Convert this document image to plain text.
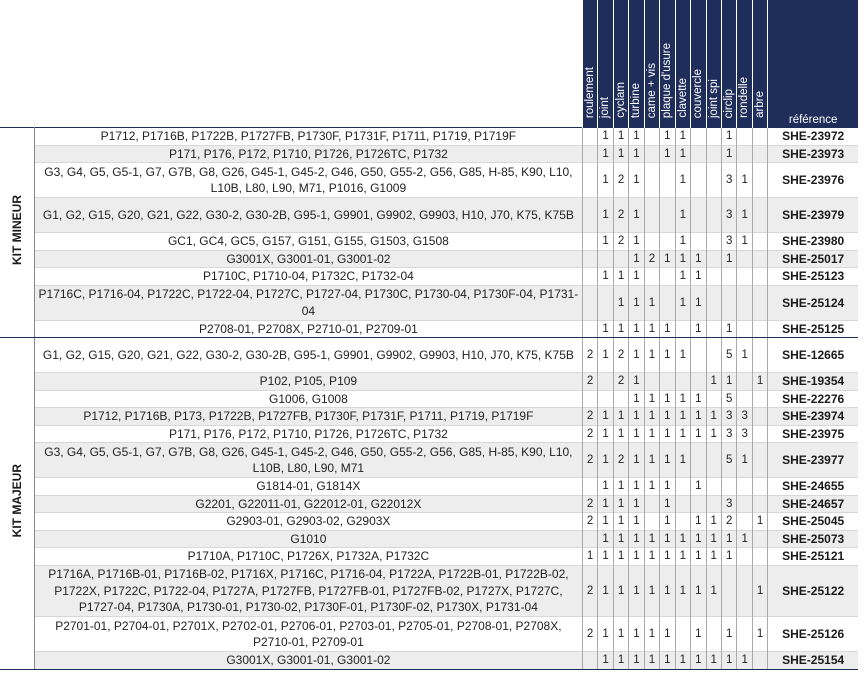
		roulement	joint	cyclam	turbine	came + vis	plaque d'usure	clavette	couvercle	joint spi	circlip	rondelle	arbre	référence
KIT MINEUR	P1712, P1716B, P1722B, P1727FB, P1730F, P1731F, P1711, P1719, P1719F		1	1	1		1	1			1			SHE-23972
	P171, P176, P172, P1710, P1726, P1726TC, P1732		1	1	1		1	1			1			SHE-23973
	G3, G4, G5, G5-1, G7, G7B, G8, G26, G45-1, G45-2, G46, G50, G55-2, G56, G85, H-85, K90, L10, L10B, L80, L90, M71, P1016, G1009		1	2	1			1			3	1		SHE-23976
	G1, G2, G15, G20, G21, G22, G30-2, G30-2B, G95-1, G9901, G9902, G9903, H10, J70, K75, K75B		1	2	1			1			3	1		SHE-23979
	GC1, GC4, GC5, G157, G151, G155, G1503, G1508		1	2	1			1			3	1		SHE-23980
	G3001X, G3001-01, G3001-02				1	2	1	1	1		1			SHE-25017
	P1710C, P1710-04, P1732C, P1732-04		1	1	1			1	1					SHE-25123
	P1716C, P1716-04, P1722C, P1722-04, P1727C, P1727-04, P1730C, P1730-04, P1730F-04, P1731-04			1	1	1		1	1					SHE-25124
	P2708-01, P2708X, P2710-01, P2709-01		1	1	1	1	1		1		1			SHE-25125
KIT MAJEUR	G1, G2, G15, G20, G21, G22, G30-2, G30-2B, G95-1, G9901, G9902, G9903, H10, J70, K75, K75B	2	1	2	1	1	1	1			5	1		SHE-12665
	P102, P105, P109	2		2	1					1	1		1	SHE-19354
	G1006, G1008				1	1	1	1	1		5			SHE-22276
	P1712, P1716B, P173, P1722B, P1727FB, P1730F, P1731F, P1711, P1719, P1719F	2	1	1	1	1	1	1	1	1	3	3		SHE-23974
	P171, P176, P172, P1710, P1726, P1726TC, P1732	2	1	1	1	1	1	1	1	1	3	3		SHE-23975
	G3, G4, G5, G5-1, G7, G7B, G8, G26, G45-1, G45-2, G46, G50, G55-2, G56, G85, H-85, K90, L10, L10B, L80, L90, M71	2	1	2	1	1	1	1			5	1		SHE-23977
	G1814-01, G1814X		1	1	1	1	1		1					SHE-24655
	G2201, G22011-01, G22012-01, G22012X	2	1	1	1		1				3			SHE-24657
	G2903-01, G2903-02, G2903X	2	1	1	1		1		1	1	2		1	SHE-25045
	G1010		1	1	1	1	1	1	1	1	1	1		SHE-25073
	P1710A, P1710C, P1726X, P1732A, P1732C	1	1	1	1	1	1	1	1	1	1			SHE-25121
	P1716A, P1716B-01, P1716B-02, P1716X, P1716C, P1716-04, P1722A, P1722B-01, P1722B-02, P1722X, P1722C, P1722-04, P1727A, P1727FB, P1727FB-01, P1727FB-02, P1727X, P1727C, P1727-04, P1730A, P1730-01, P1730-02, P1730F-01, P1730F-02, P1730X, P1731-04	2	1	1	1	1	1	1	1	1			1	SHE-25122
	P2701-01, P2704-01, P2701X, P2702-01, P2706-01, P2703-01, P2705-01, P2708-01, P2708X, P2710-01, P2709-01	2	1	1	1	1	1		1		1		1	SHE-25126
	G3001X, G3001-01, G3001-02		1	1	1	1	1	1	1	1	1	1		SHE-25154
